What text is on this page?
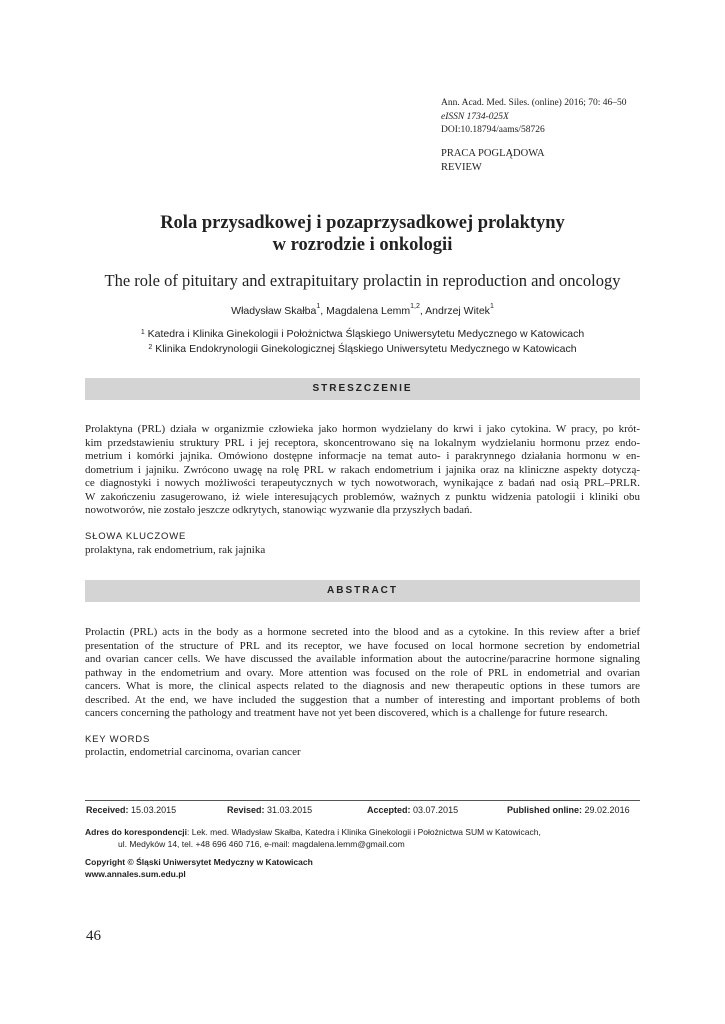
Ann. Acad. Med. Siles. (online) 2016; 70: 46–50
eISSN 1734-025X
DOI:10.18794/aams/58726
PRACA POGLĄDOWA
REVIEW
Rola przysadkowej i pozaprzysadkowej prolaktyny
w rozrodzie i onkologii
The role of pituitary and extrapituitary prolactin in reproduction and oncology
Władysław Skałba$^1$, Magdalena Lemm$^{1,2}$, Andrzej Witek$^1$
$^1$ Katedra i Klinika Ginekologii i Położnictwa Śląskiego Uniwersytetu Medycznego w Katowicach
$^2$ Klinika Endokrynologii Ginekologicznej Śląskiego Uniwersytetu Medycznego w Katowicach
STRESZCZENIE
Prolaktyna (PRL) działa w organizmie człowieka jako hormon wydzielany do krwi i jako cytokina. W pracy, po krót-
kim przedstawieniu struktury PRL i jej receptora, skoncentrowano się na lokalnym wydzielaniu hormonu przez endo-
metrium i komórki jajnika. Omówiono dostępne informacje na temat auto- i parakrynnego działania hormonu w en-
dometrium i jajniku. Zwrócono uwagę na rolę PRL w rakach endometrium i jajnika oraz na kliniczne aspekty dotyczą-
ce diagnostyki i nowych możliwości terapeutycznych w tych nowotworach, wynikające z badań nad osią PRL–PRLR.
W zakończeniu zasugerowano, iż wiele interesujących problemów, ważnych z punktu widzenia patologii i kliniki obu
nowotworów, nie zostało jeszcze odkrytych, stanowiąc wyzwanie dla przyszłych badań.
SŁOWA KLUCZOWE
prolaktyna, rak endometrium, rak jajnika
ABSTRACT
Prolactin (PRL) acts in the body as a hormone secreted into the blood and as a cytokine. In this review after a brief
presentation of the structure of PRL and its receptor, we have focused on local hormone secretion by endometrial
and ovarian cancer cells. We have discussed the available information about the autocrine/paracrine hormone signaling
pathway in the endometrium and ovary. More attention was focused on the role of PRL in endometrial and ovarian
cancers. What is more, the clinical aspects related to the diagnosis and new therapeutic options in these tumors are
described. At the end, we have included the suggestion that a number of interesting and important problems of both
cancers concerning the pathology and treatment have not yet been discovered, which is a challenge for future research.
KEY WORDS
prolactin, endometrial carcinoma, ovarian cancer
Received: 15.03.2015	Revised: 31.03.2015	Accepted: 03.07.2015	Published online: 29.02.2016
Adres do korespondencji: Lek. med. Władysław Skałba, Katedra i Klinika Ginekologii i Położnictwa SUM w Katowicach,
ul. Medyków 14, tel. +48 696 460 716, e-mail: magdalena.lemm@gmail.com
Copyright © Śląski Uniwersytet Medyczny w Katowicach
www.annales.sum.edu.pl
46
